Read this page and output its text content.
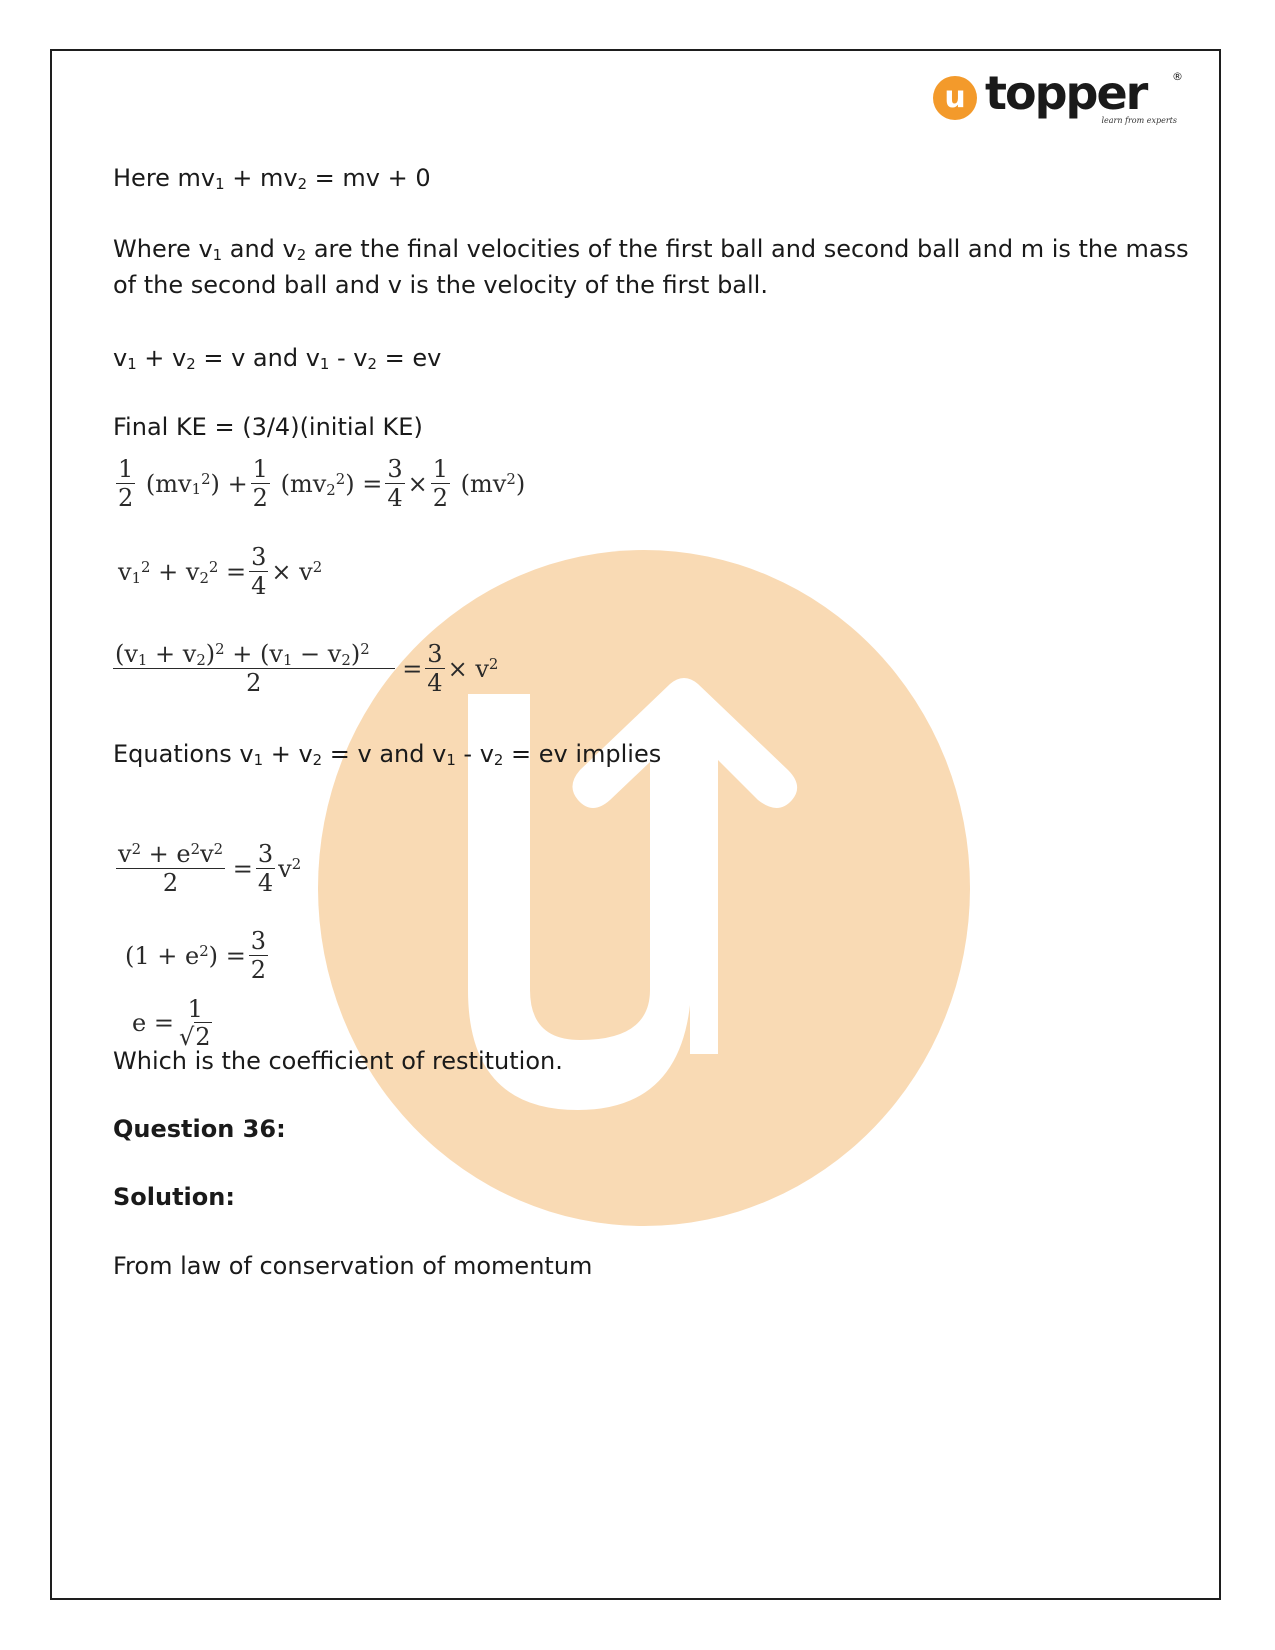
u topper ®
learn from experts
Here $mv_1 + mv_2$ = mv + 0
Where $v_1$ and $v_2$ are the final velocities of the first ball and second ball and m is the mass
of the second ball and v is the velocity of the first ball.
$v_1 + v_2 = v$ and $v_1 - v_2$ = ev
Final KE = (3/4)(initial KE)
$\frac{1}{2} (mv_1^2) + \frac{1}{2} (mv_2^2) = \frac{3}{4} \times \frac{1}{2} (mv^2)$
$v_1^2 + v_2^2 = \frac{3}{4} \times v^2$
$\frac{(v_1 + v_2)^2 + (v_1 - v_2)^2}{2} = \frac{3}{4} \times v^2$
Equations $v_1 + v_2 = v$ and $v_1 - v_2$ = ev implies
$\frac{v^2 + e^2v^2}{2} = \frac{3}{4} v^2$
$(1 + e^2) = \frac{3}{2}$
e = 1
√2
Which is the coefficient of restitution.
Question 36:
Solution:
From law of conservation of momentum
